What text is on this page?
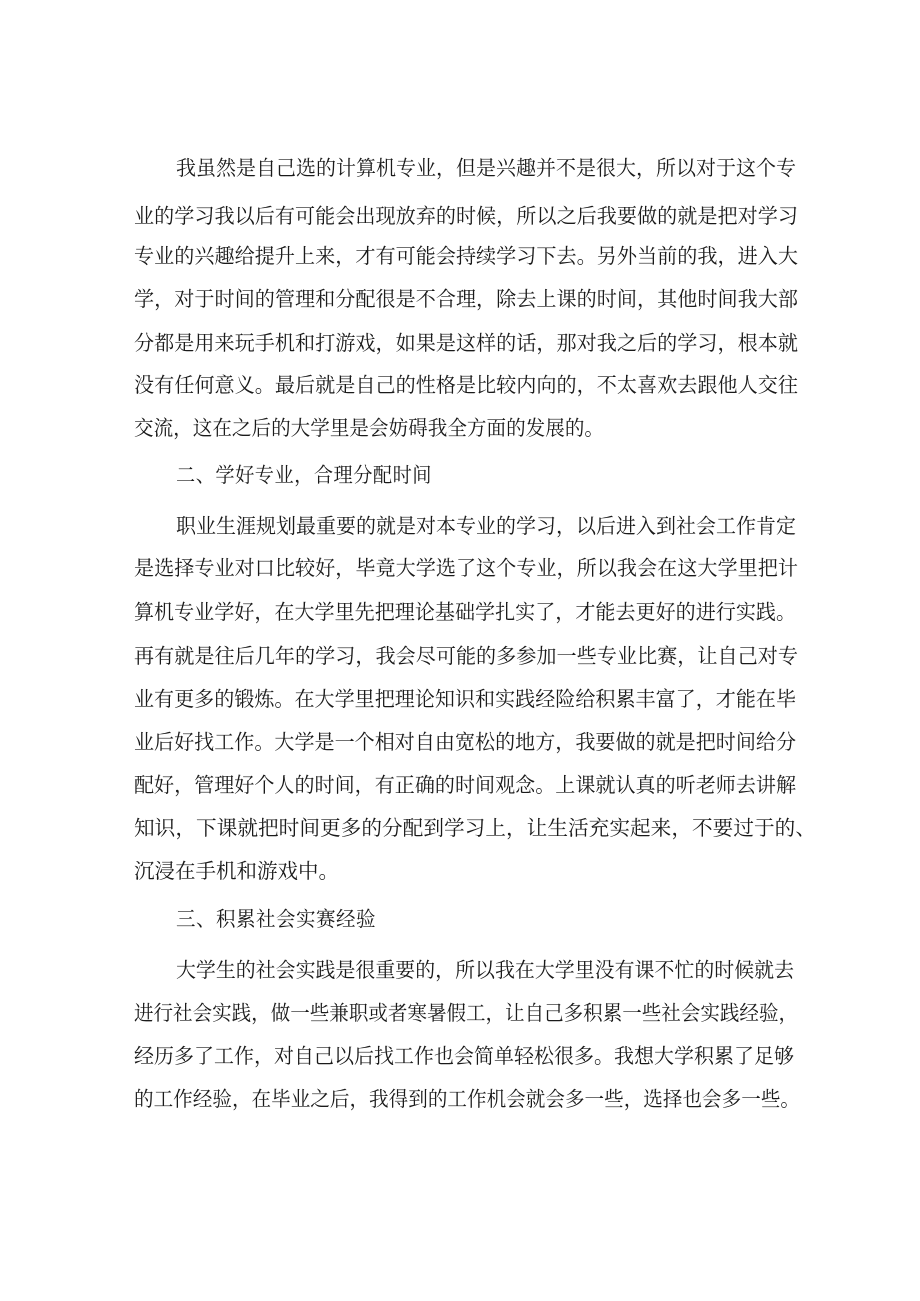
我虽然是自己选的计算机专业，但是兴趣并不是很大，所以对于这个专
业的学习我以后有可能会出现放弃的时候，所以之后我要做的就是把对学习
专业的兴趣给提升上来，才有可能会持续学习下去。另外当前的我，进入大
学，对于时间的管理和分配很是不合理，除去上课的时间，其他时间我大部
分都是用来玩手机和打游戏，如果是这样的话，那对我之后的学习，根本就
没有任何意义。最后就是自己的性格是比较内向的，不太喜欢去跟他人交往
交流，这在之后的大学里是会妨碍我全方面的发展的。
二、学好专业，合理分配时间
职业生涯规划最重要的就是对本专业的学习，以后进入到社会工作肯定
是选择专业对口比较好，毕竟大学选了这个专业，所以我会在这大学里把计
算机专业学好，在大学里先把理论基础学扎实了，才能去更好的进行实践。
再有就是往后几年的学习，我会尽可能的多参加一些专业比赛，让自己对专
业有更多的锻炼。在大学里把理论知识和实践经险给积累丰富了，才能在毕
业后好找工作。大学是一个相对自由宽松的地方，我要做的就是把时间给分
配好，管理好个人的时间，有正确的时间观念。上课就认真的听老师去讲解
知识，下课就把时间更多的分配到学习上，让生活充实起来，不要过于的、
沉浸在手机和游戏中。
三、积累社会实赛经验
大学生的社会实践是很重要的，所以我在大学里没有课不忙的时候就去
进行社会实践，做一些兼职或者寒暑假工，让自己多积累一些社会实践经验，
经历多了工作，对自己以后找工作也会简单轻松很多。我想大学积累了足够
的工作经验，在毕业之后，我得到的工作机会就会多一些，选择也会多一些。
